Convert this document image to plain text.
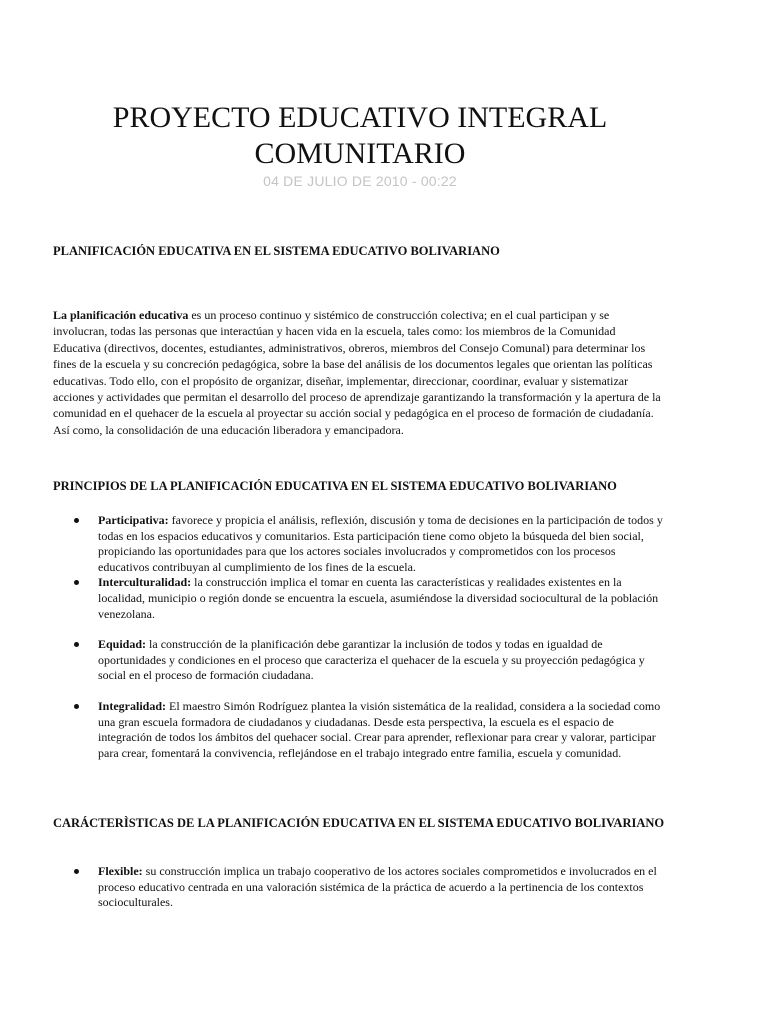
PROYECTO EDUCATIVO INTEGRAL COMUNITARIO
04 DE JULIO DE 2010 - 00:22
PLANIFICACIÓN EDUCATIVA EN EL SISTEMA EDUCATIVO BOLIVARIANO

La planificación educativa es un proceso continuo y sistémico de construcción colectiva; en el cual participan y se involucran, todas las personas que interactúan y hacen vida en la escuela, tales como: los miembros de la Comunidad Educativa (directivos, docentes, estudiantes, administrativos, obreros, miembros del Consejo Comunal) para determinar los fines de la escuela y su concreción pedagógica, sobre la base del análisis de los documentos legales que orientan las políticas educativas. Todo ello, con el propósito de organizar, diseñar, implementar, direccionar, coordinar, evaluar y sistematizar acciones y actividades que permitan el desarrollo del proceso de aprendizaje garantizando la transformación y la apertura de la comunidad en el quehacer de la escuela al proyectar su acción social y pedagógica en el proceso de formación de ciudadanía. Así como, la consolidación de una educación liberadora y emancipadora.

PRINCIPIOS DE LA PLANIFICACIÓN EDUCATIVA EN EL SISTEMA EDUCATIVO BOLIVARIANO
Participativa: favorece y propicia el análisis, reflexión, discusión y toma de decisiones en la participación de todos y todas en los espacios educativos y comunitarios. Esta participación tiene como objeto la búsqueda del bien social, propiciando las oportunidades para que los actores sociales involucrados y comprometidos con los procesos educativos contribuyan al cumplimiento de los fines de la escuela.
Interculturalidad: la construcción implica el tomar en cuenta las características y realidades existentes en la localidad, municipio o región donde se encuentra la escuela, asumiéndose la diversidad sociocultural de la población venezolana.
Equidad: la construcción de la planificación debe garantizar la inclusión de todos y todas en igualdad de oportunidades y condiciones en el proceso que caracteriza el quehacer de la escuela y su proyección pedagógica y social en el proceso de formación ciudadana.
Integralidad: El maestro Simón Rodríguez plantea la visión sistemática de la realidad, considera a la sociedad como una gran escuela formadora de ciudadanos y ciudadanas. Desde esta perspectiva, la escuela es el espacio de integración de todos los ámbitos del quehacer social. Crear para aprender, reflexionar para crear y valorar, participar para crear, fomentará la convivencia, reflejándose en el trabajo integrado entre familia, escuela y comunidad.
CARÁCTERÌSTICAS DE LA PLANIFICACIÓN EDUCATIVA EN EL SISTEMA EDUCATIVO BOLIVARIANO
Flexible: su construcción implica un trabajo cooperativo de los actores sociales comprometidos e involucrados en el proceso educativo centrada en una valoración sistémica de la práctica de acuerdo a la pertinencia de los contextos socioculturales.
